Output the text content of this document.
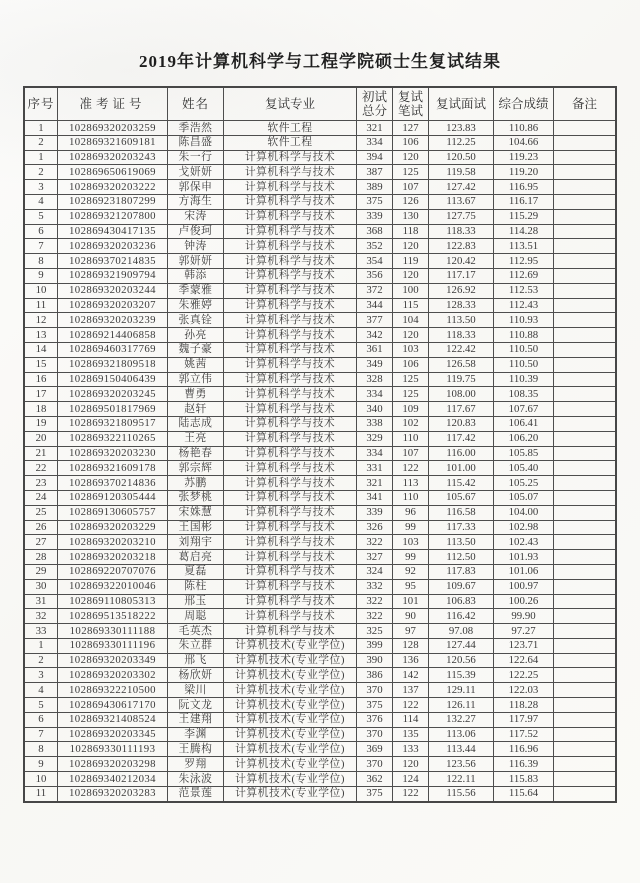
2019年计算机科学与工程学院硕士生复试结果
序号	准考证号	姓名	复试专业	初试总分	复试笔试	复试面试	综合成绩	备注
1	102869320203259	季浩然	软件工程	321	127	123.83	110.86	
2	102869321609181	陈昌盛	软件工程	334	106	112.25	104.66	
1	102869320203243	朱一行	计算机科学与技术	394	120	120.50	119.23	
2	102869650619069	戈妍妍	计算机科学与技术	387	125	119.58	119.20	
3	102869320203222	郭保申	计算机科学与技术	389	107	127.42	116.95	
4	102869231807299	方海生	计算机科学与技术	375	126	113.67	116.17	
5	102869321207800	宋涛	计算机科学与技术	339	130	127.75	115.29	
6	102869430417135	卢俊珂	计算机科学与技术	368	118	118.33	114.28	
7	102869320203236	钟涛	计算机科学与技术	352	120	122.83	113.51	
8	102869370214835	郭妍妍	计算机科学与技术	354	119	120.42	112.95	
9	102869321909794	韩添	计算机科学与技术	356	120	117.17	112.69	
10	102869320203244	季蒙雅	计算机科学与技术	372	100	126.92	112.53	
11	102869320203207	朱雅婷	计算机科学与技术	344	115	128.33	112.43	
12	102869320203239	张真铨	计算机科学与技术	377	104	113.50	110.93	
13	102869214406858	孙亮	计算机科学与技术	342	120	118.33	110.88	
14	102869460317769	魏子豪	计算机科学与技术	361	103	122.42	110.50	
15	102869321809518	姚茜	计算机科学与技术	349	106	126.58	110.50	
16	102869150406439	郭立伟	计算机科学与技术	328	125	119.75	110.39	
17	102869320203245	曹勇	计算机科学与技术	334	125	108.00	108.35	
18	102869501817969	赵轩	计算机科学与技术	340	109	117.67	107.67	
19	102869321809517	陆志成	计算机科学与技术	338	102	120.83	106.41	
20	102869322110265	王亮	计算机科学与技术	329	110	117.42	106.20	
21	102869320203230	杨艳春	计算机科学与技术	334	107	116.00	105.85	
22	102869321609178	郭宗辉	计算机科学与技术	331	122	101.00	105.40	
23	102869370214836	苏鹏	计算机科学与技术	321	113	115.42	105.25	
24	102869120305444	张梦桃	计算机科学与技术	341	110	105.67	105.07	
25	102869130605757	宋姝慧	计算机科学与技术	339	96	116.58	104.00	
26	102869320203229	王国彬	计算机科学与技术	326	99	117.33	102.98	
27	102869320203210	刘翔宇	计算机科学与技术	322	103	113.50	102.43	
28	102869320203218	葛启亮	计算机科学与技术	327	99	112.50	101.93	
29	102869220707076	夏磊	计算机科学与技术	324	92	117.83	101.06	
30	102869322010046	陈柱	计算机科学与技术	332	95	109.67	100.97	
31	102869110805313	邢玉	计算机科学与技术	322	101	106.83	100.26	
32	102869513518222	周聪	计算机科学与技术	322	90	116.42	99.90	
33	102869330111188	毛英杰	计算机科学与技术	325	97	97.08	97.27	
1	102869330111196	朱立群	计算机技术(专业学位)	399	128	127.44	123.71	
2	102869320203349	邢飞	计算机技术(专业学位)	390	136	120.56	122.64	
3	102869320203302	杨欣妍	计算机技术(专业学位)	386	142	115.39	122.25	
4	102869322210500	梁川	计算机技术(专业学位)	370	137	129.11	122.03	
5	102869430617170	阮文龙	计算机技术(专业学位)	375	122	126.11	118.28	
6	102869321408524	王建翔	计算机技术(专业学位)	376	114	132.27	117.97	
7	102869320203345	李渊	计算机技术(专业学位)	370	135	113.06	117.52	
8	102869330111193	王腾构	计算机技术(专业学位)	369	133	113.44	116.96	
9	102869320203298	罗翔	计算机技术(专业学位)	370	120	123.56	116.39	
10	102869340212034	朱泳波	计算机技术(专业学位)	362	124	122.11	115.83	
11	102869320203283	范景莲	计算机技术(专业学位)	375	122	115.56	115.64	
